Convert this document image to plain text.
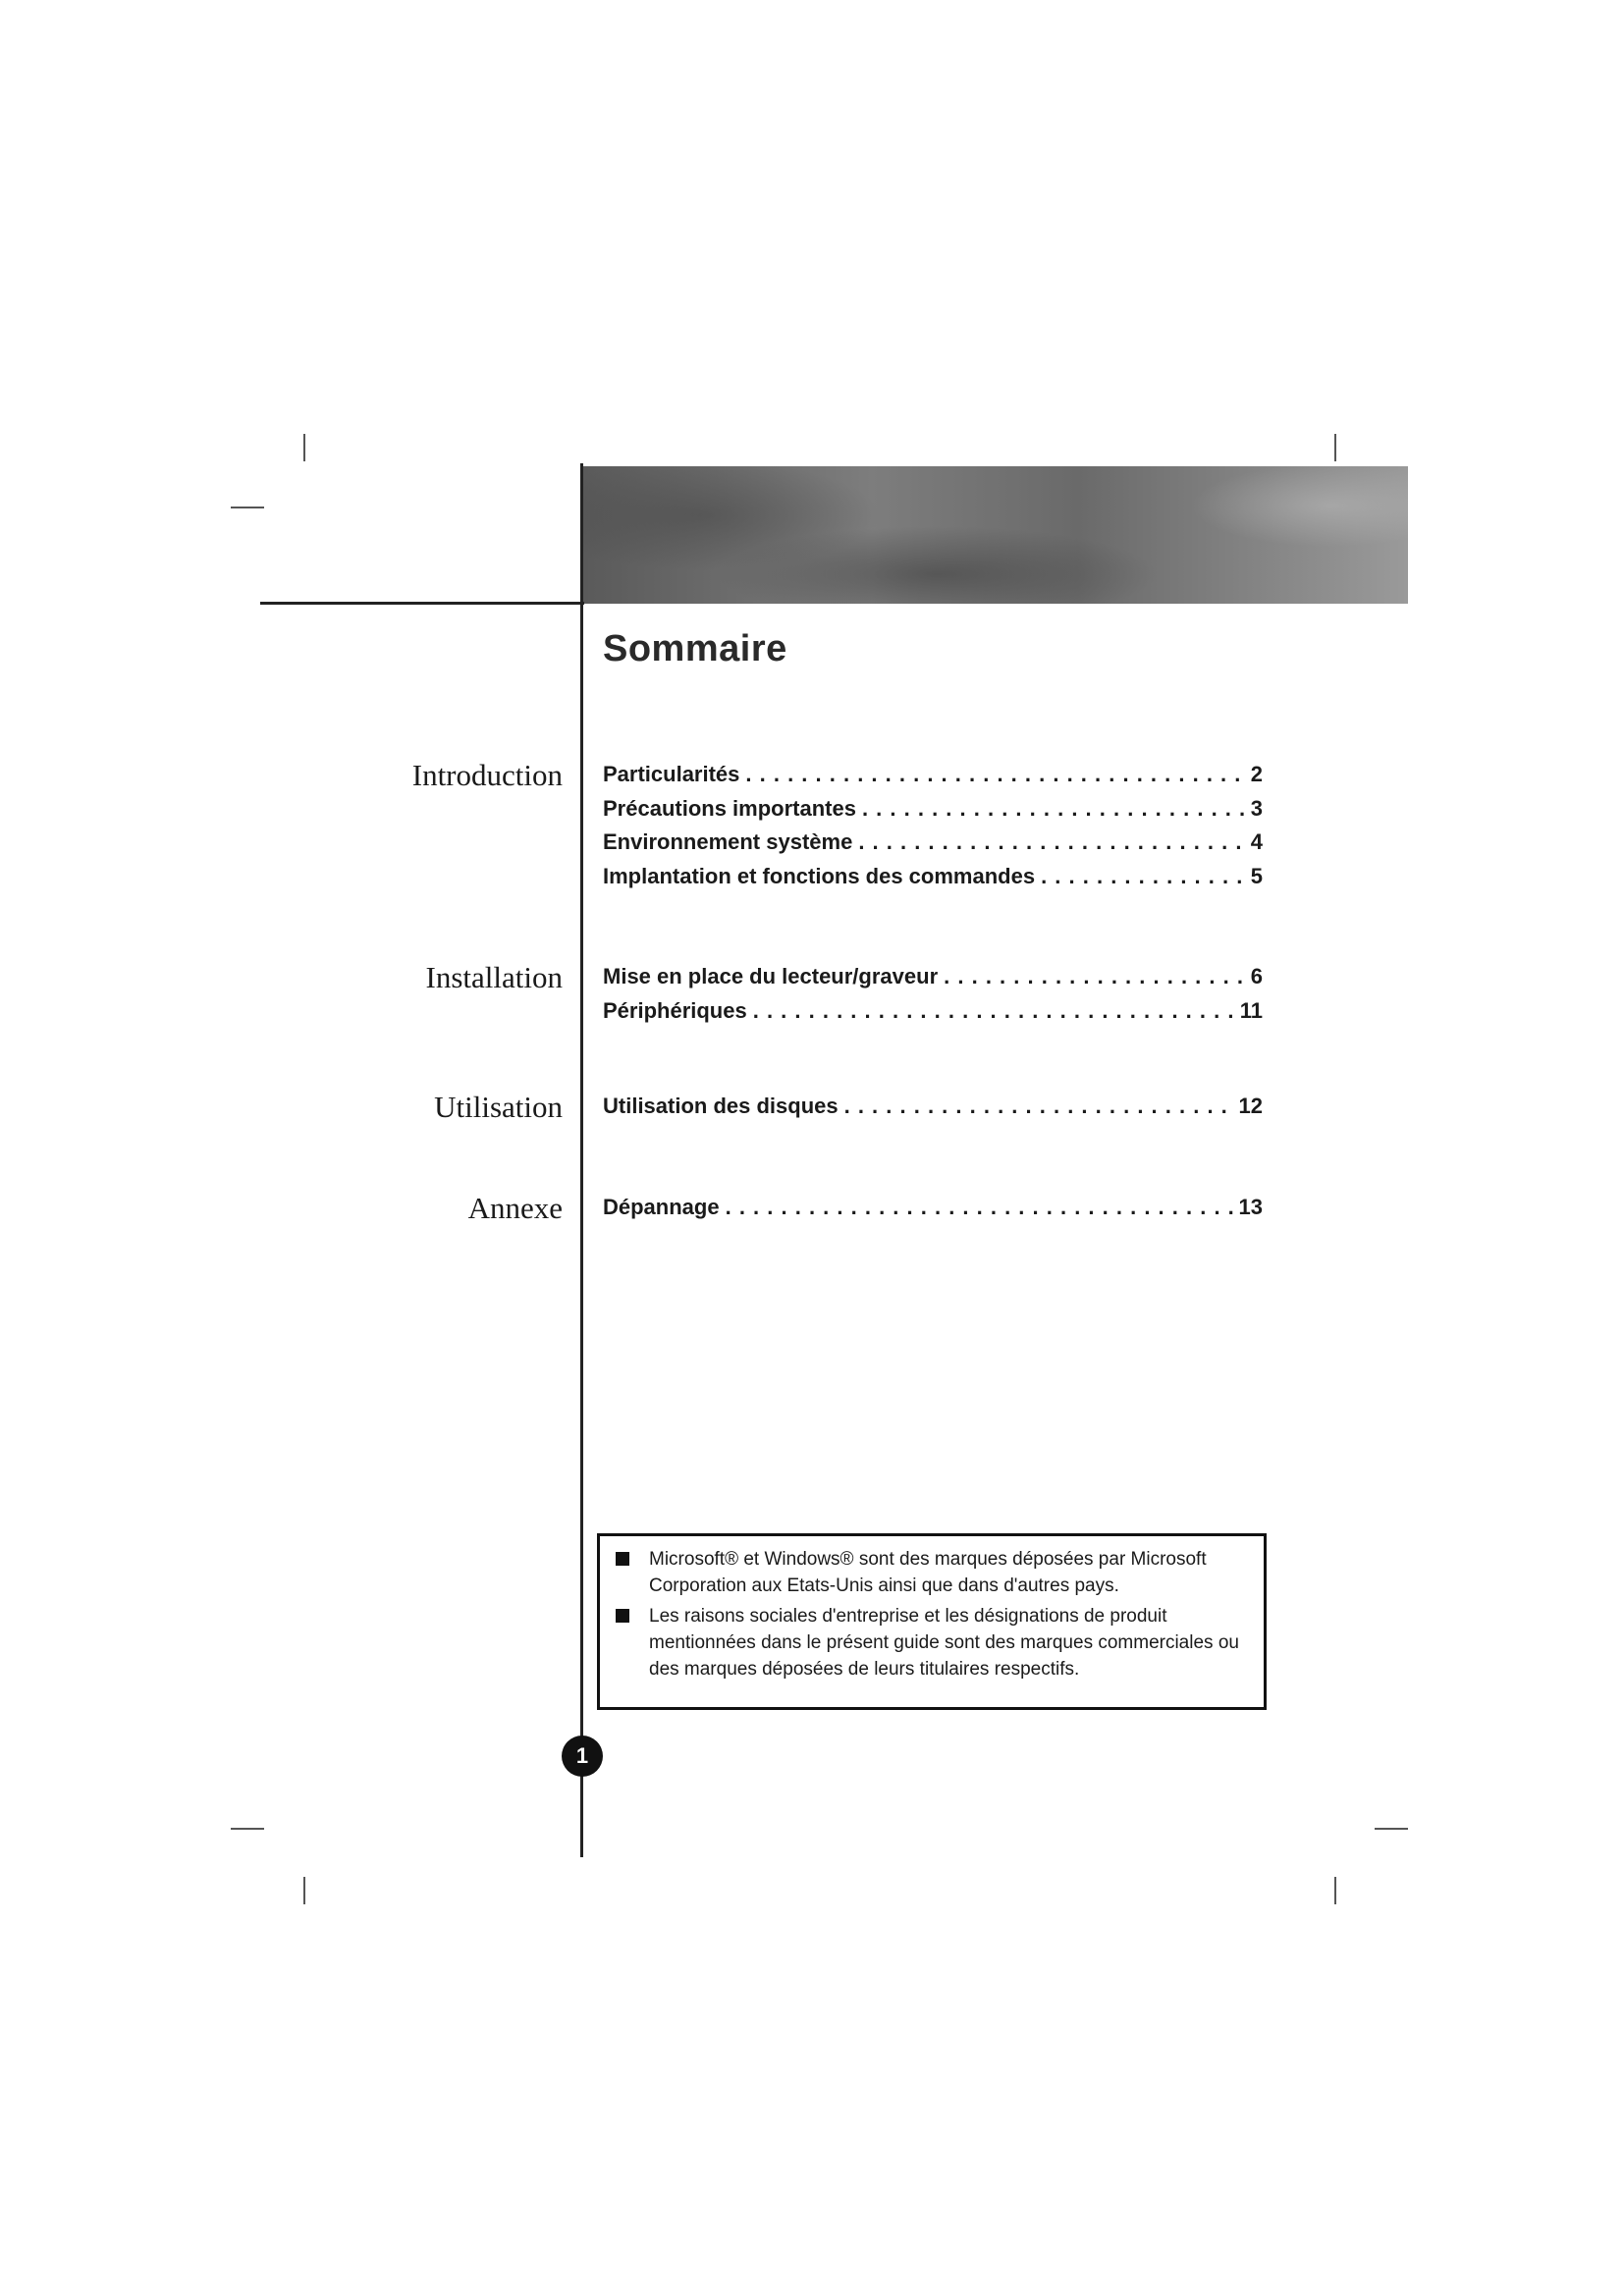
Sommaire
Introduction Particularités . . .	2
Précautions importantes . . .	3
Environnement système . . .	4
Implantation et fonctions des commandes . . .	5
Installation Mise en place du lecteur/graveur . . .	6
Périphériques . . .	11
Utilisation Utilisation des disques . . .	12
Annexe Dépannage . . .	13
Microsoft® et Windows® sont des marques déposées par Microsoft Corporation aux Etats-Unis ainsi que dans d'autres pays.
Les raisons sociales d'entreprise et les désignations de produit mentionnées dans le présent guide sont des marques commerciales ou des marques déposées de leurs titulaires respectifs.
1
